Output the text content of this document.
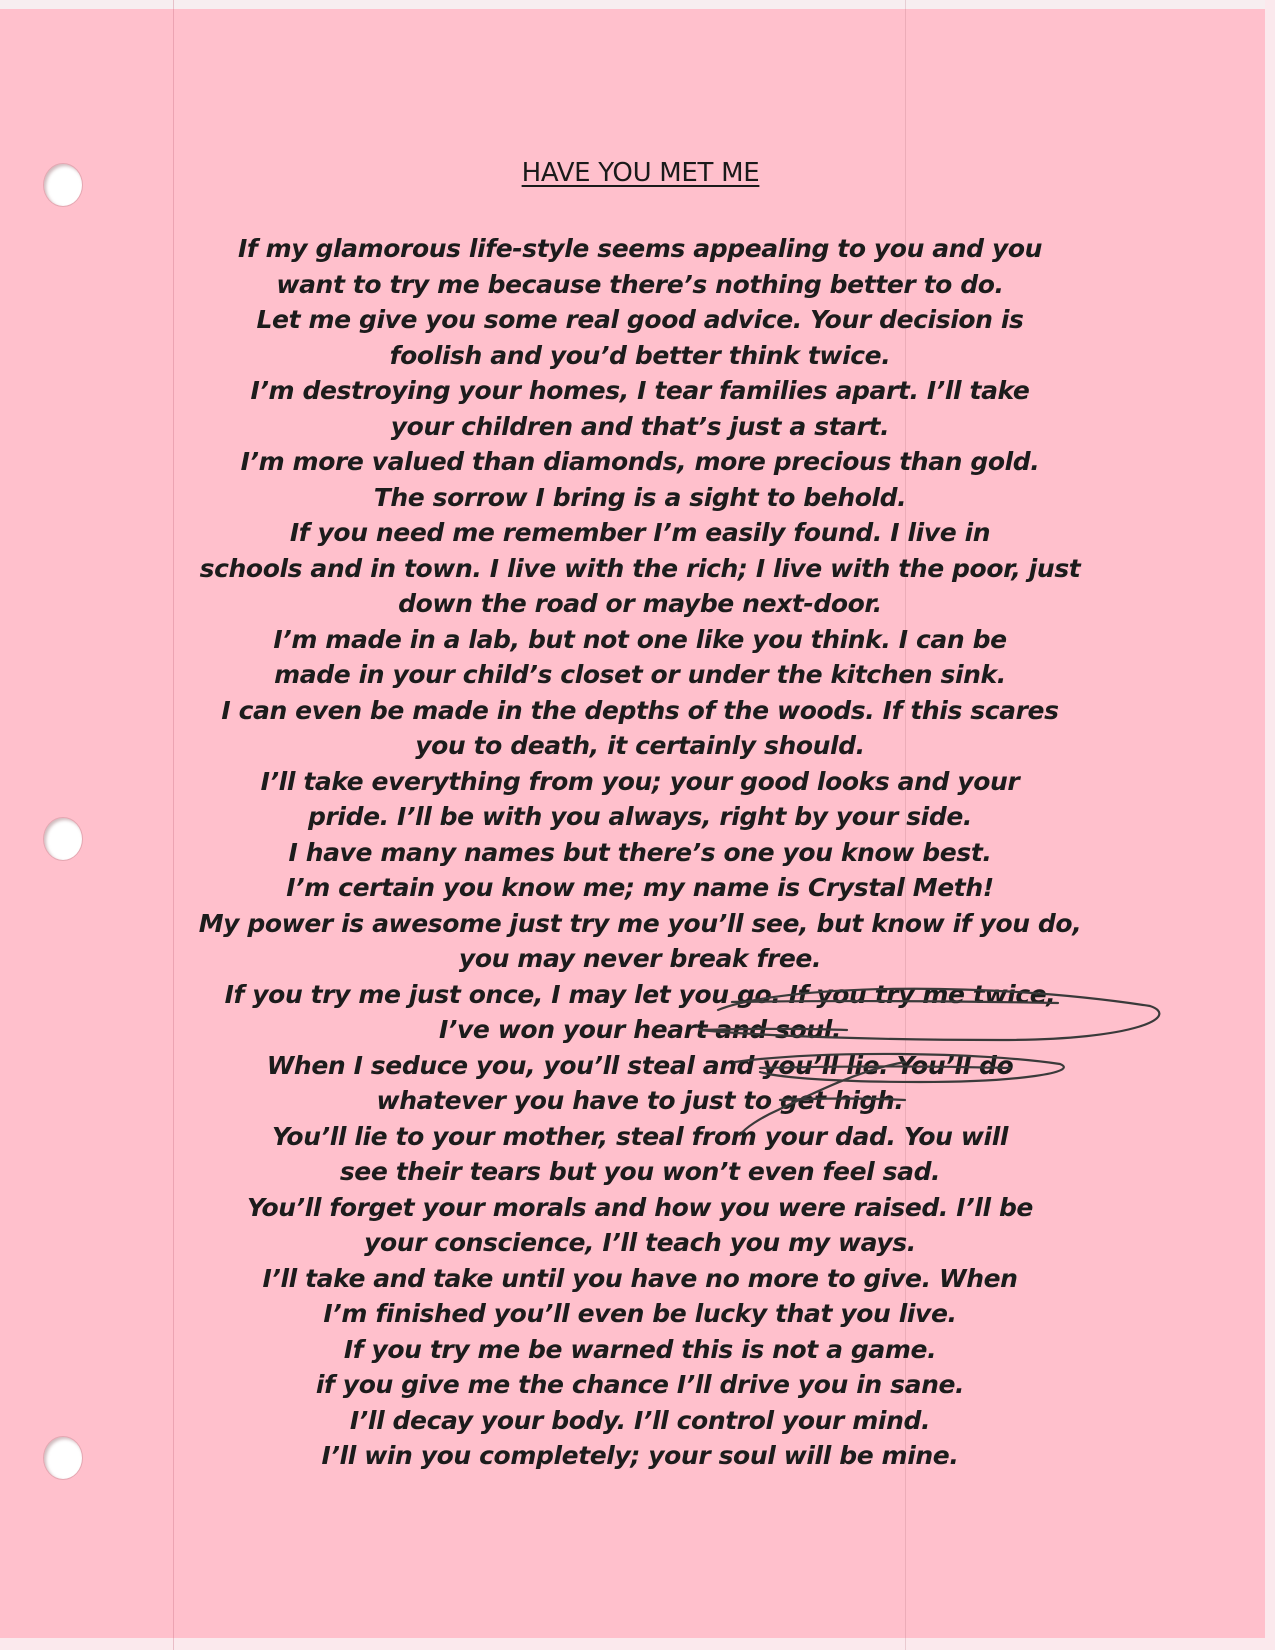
HAVE YOU MET ME
If my glamorous life-style seems appealing to you and you
want to try me because there’s nothing better to do.
Let me give you some real good advice. Your decision is
foolish and you’d better think twice.
I’m destroying your homes, I tear families apart. I’ll take
your children and that’s just a start.
I’m more valued than diamonds, more precious than gold.
The sorrow I bring is a sight to behold.
If you need me remember I’m easily found. I live in
schools and in town. I live with the rich; I live with the poor, just
down the road or maybe next-door.
I’m made in a lab, but not one like you think. I can be
made in your child’s closet or under the kitchen sink.
I can even be made in the depths of the woods. If this scares
you to death, it certainly should.
I’ll take everything from you; your good looks and your
pride. I’ll be with you always, right by your side.
I have many names but there’s one you know best.
I’m certain you know me; my name is Crystal Meth!
My power is awesome just try me you’ll see, but know if you do,
you may never break free.
If you try me just once, I may let you go. If you try me twice,
I’ve won your heart and soul.
When I seduce you, you’ll steal and you’ll lie. You’ll do
whatever you have to just to get high.
You’ll lie to your mother, steal from your dad. You will
see their tears but you won’t even feel sad.
You’ll forget your morals and how you were raised. I’ll be
your conscience, I’ll teach you my ways.
I’ll take and take until you have no more to give. When
I’m finished you’ll even be lucky that you live.
If you try me be warned this is not a game.
if you give me the chance I’ll drive you in sane.
I’ll decay your body. I’ll control your mind.
I’ll win you completely; your soul will be mine.
